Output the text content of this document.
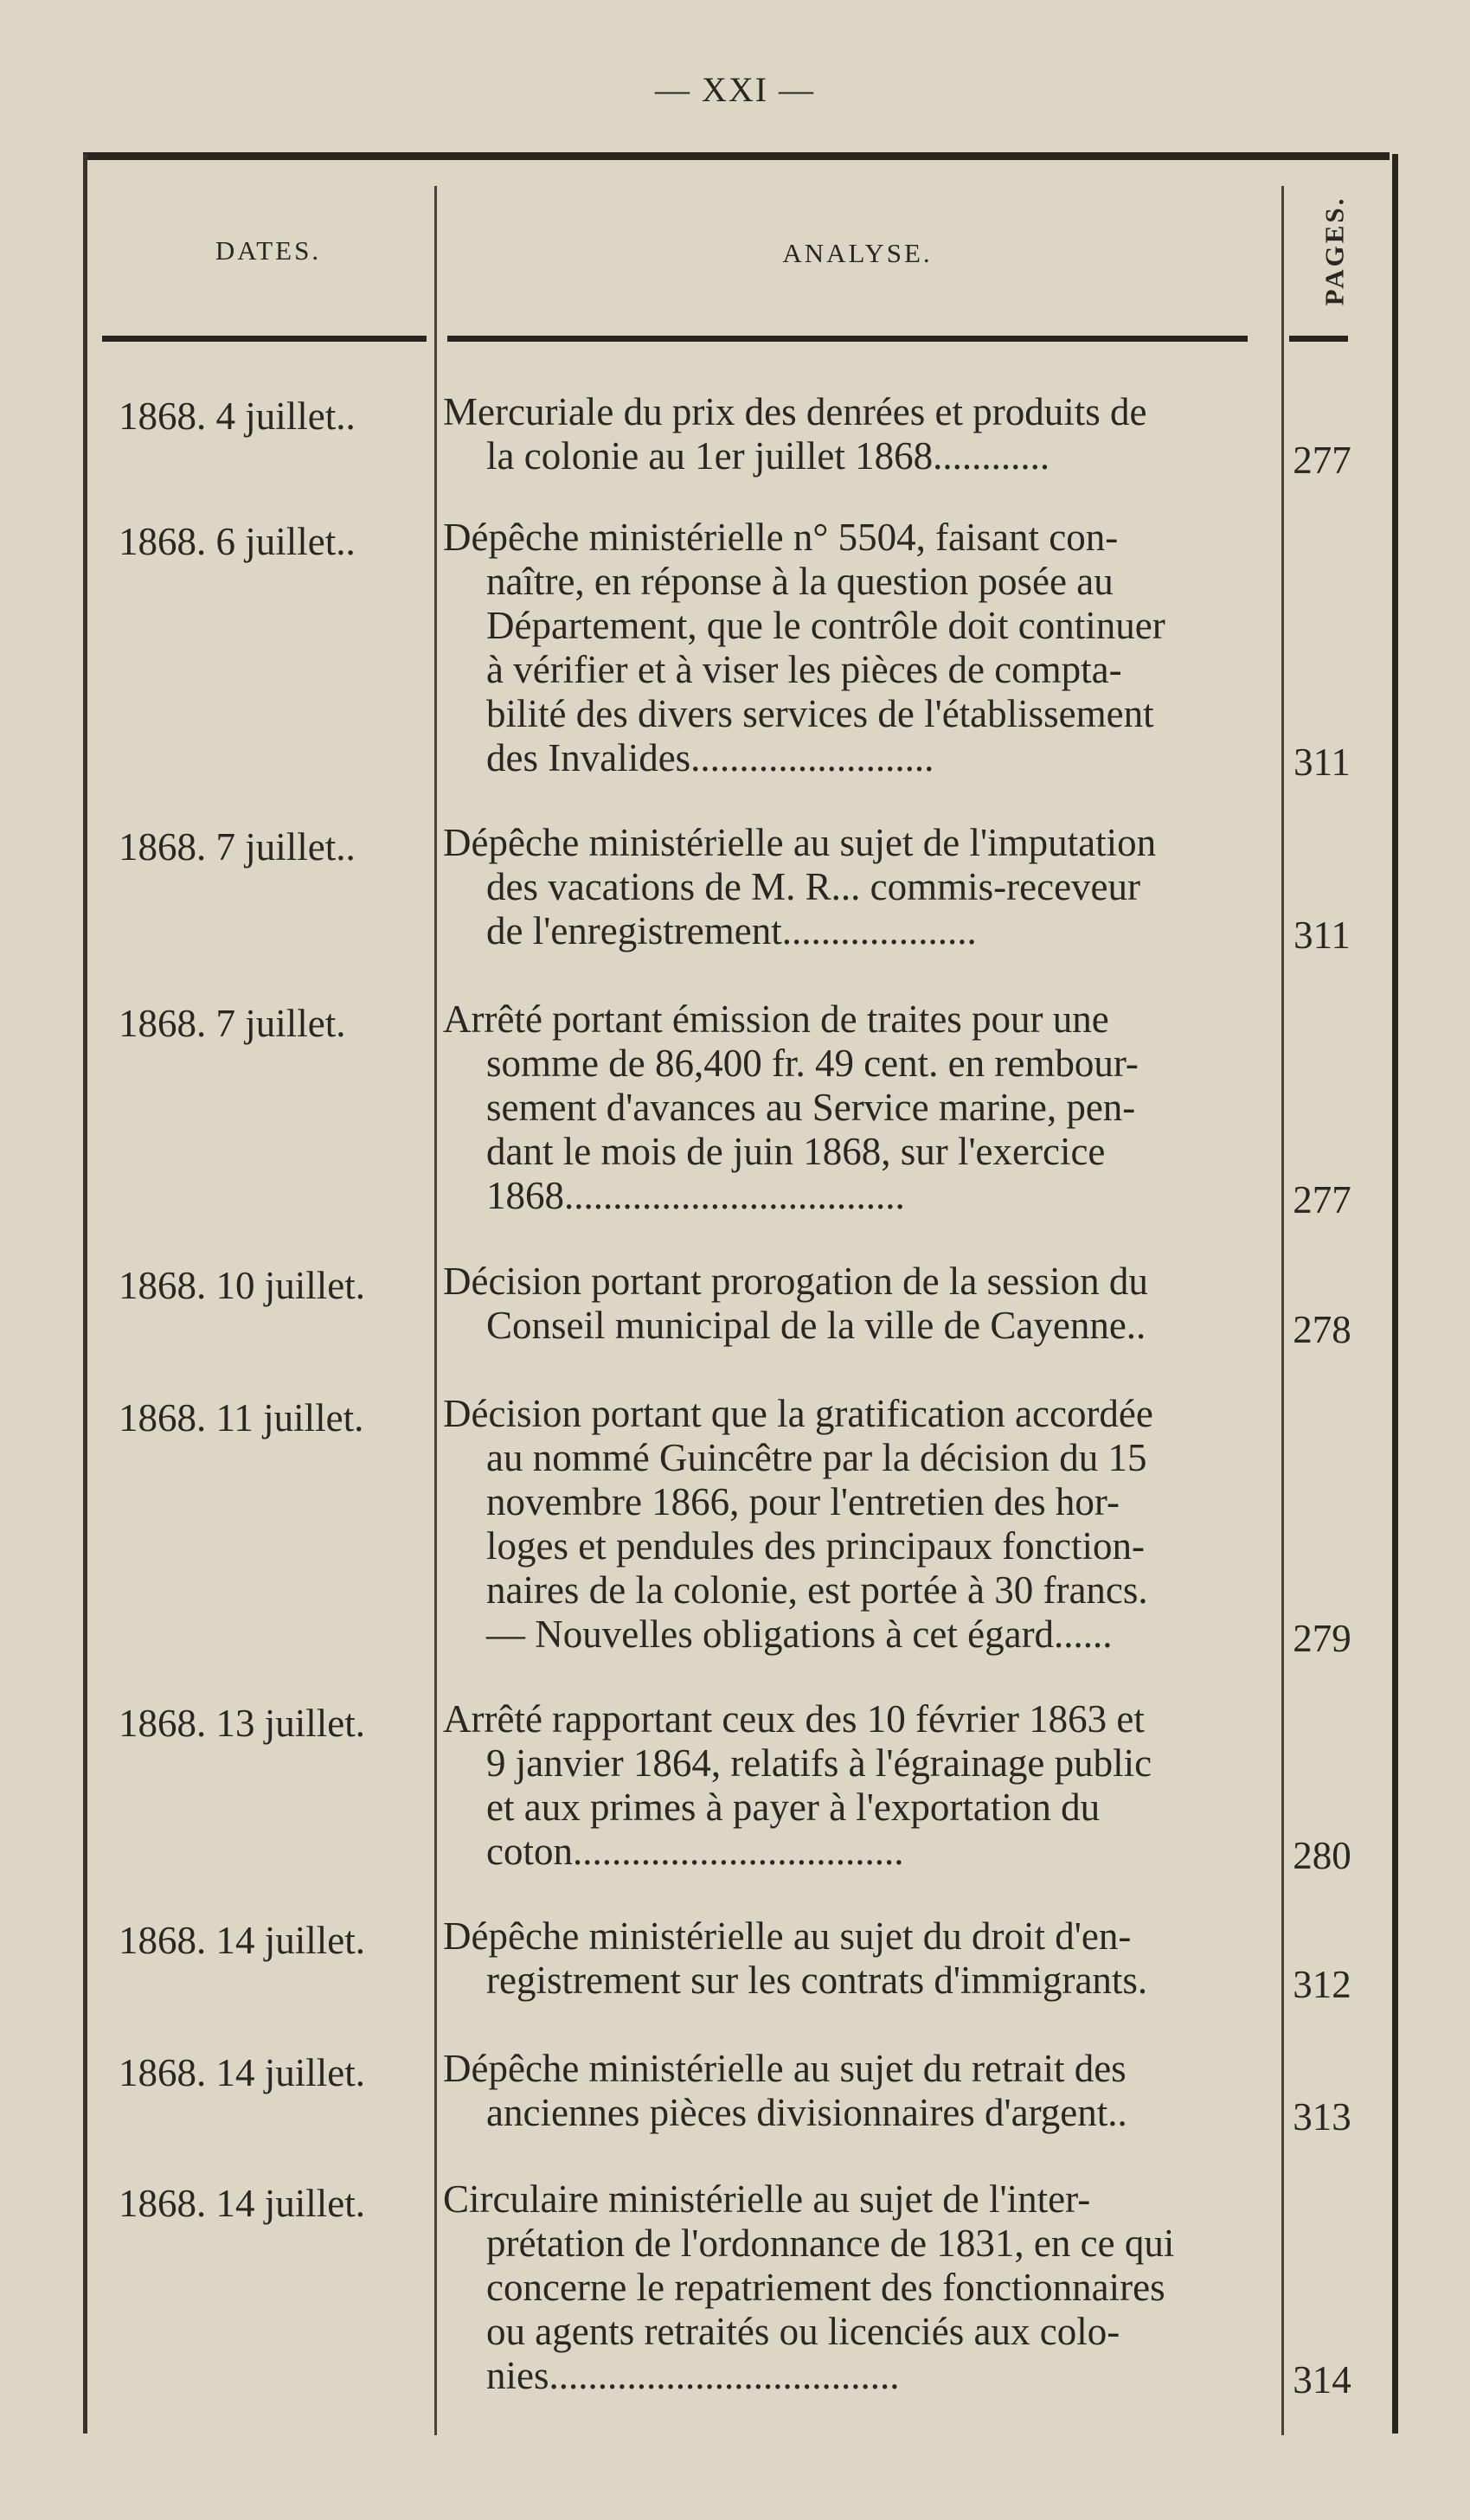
— XXI —
DATES.	ANALYSE.	PAGES.
1868. 4 juillet..	Mercuriale du prix des denrées et produits de
la colonie au 1er juillet 1868............	277
1868. 6 juillet..	Dépêche ministérielle n° 5504, faisant con-
naître, en réponse à la question posée au
Département, que le contrôle doit continuer
à vérifier et à viser les pièces de compta-
bilité des divers services de l'établissement
des Invalides.........................	311
1868. 7 juillet..	Dépêche ministérielle au sujet de l'imputation
des vacations de M. R... commis-receveur
de l'enregistrement....................	311
1868. 7 juillet.	Arrêté portant émission de traites pour une
somme de 86,400 fr. 49 cent. en rembour-
sement d'avances au Service marine, pen-
dant le mois de juin 1868, sur l'exercice
1868...................................	277
1868. 10 juillet.	Décision portant prorogation de la session du
Conseil municipal de la ville de Cayenne..	278
1868. 11 juillet.	Décision portant que la gratification accordée
au nommé Guincêtre par la décision du 15
novembre 1866, pour l'entretien des hor-
loges et pendules des principaux fonction-
naires de la colonie, est portée à 30 francs.
— Nouvelles obligations à cet égard......	279
1868. 13 juillet.	Arrêté rapportant ceux des 10 février 1863 et
9 janvier 1864, relatifs à l'égrainage public
et aux primes à payer à l'exportation du
coton..................................	280
1868. 14 juillet.	Dépêche ministérielle au sujet du droit d'en-
registrement sur les contrats d'immigrants.	312
1868. 14 juillet.	Dépêche ministérielle au sujet du retrait des
anciennes pièces divisionnaires d'argent..	313
1868. 14 juillet.	Circulaire ministérielle au sujet de l'inter-
prétation de l'ordonnance de 1831, en ce qui
concerne le repatriement des fonctionnaires
ou agents retraités ou licenciés aux colo-
nies....................................	314
